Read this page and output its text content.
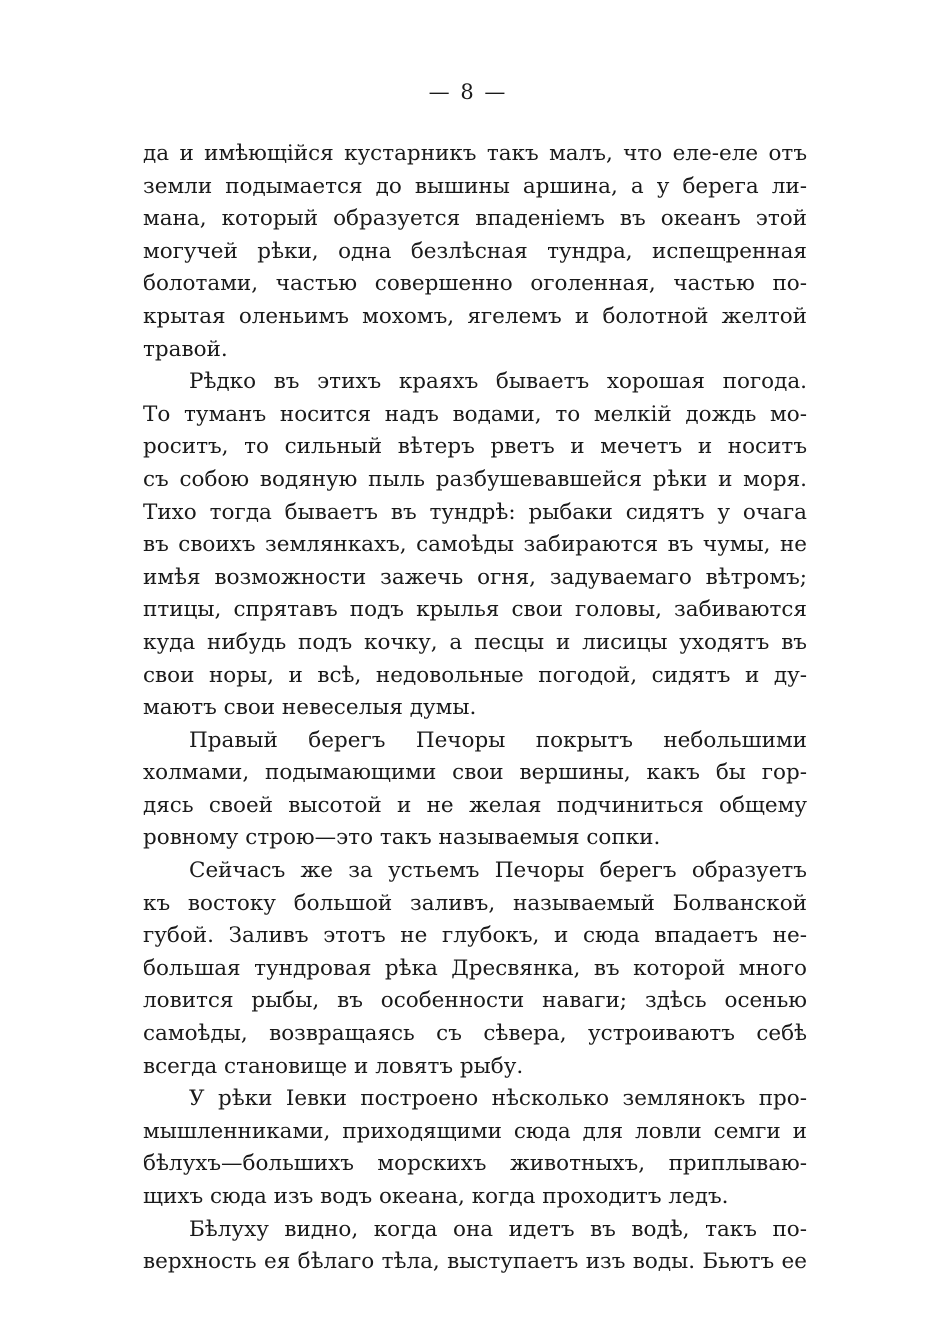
— 8 —
да и имѣющійся кустарникъ такъ малъ, что еле-еле отъ
земли подымается до вышины аршина, а у берега ли-
мана, который образуется впаденіемъ въ океанъ этой
могучей рѣки, одна безлѣсная тундра, испещренная
болотами, частью совершенно оголенная, частью по-
крытая оленьимъ мохомъ, ягелемъ и болотной желтой
травой.
Рѣдко въ этихъ краяхъ бываетъ хорошая погода.
То туманъ носится надъ водами, то мелкій дождь мо-
роситъ, то сильный вѣтеръ рветъ и мечетъ и носитъ
съ собою водяную пыль разбушевавшейся рѣки и моря.
Тихо тогда бываетъ въ тундрѣ: рыбаки сидятъ у очага
въ своихъ землянкахъ, самоѣды забираются въ чумы, не
имѣя возможности зажечь огня, задуваемаго вѣтромъ;
птицы, спрятавъ подъ крылья свои головы, забиваются
куда нибудь подъ кочку, а песцы и лисицы уходятъ въ
свои норы, и всѣ, недовольные погодой, сидятъ и ду-
маютъ свои невеселыя думы.
Правый берегъ Печоры покрытъ небольшими
холмами, подымающими свои вершины, какъ бы гор-
дясь своей высотой и не желая подчиниться общему
ровному строю—это такъ называемыя сопки.
Сейчасъ же за устьемъ Печоры берегъ образуетъ
къ востоку большой заливъ, называемый Болванской
губой. Заливъ этотъ не глубокъ, и сюда впадаетъ не-
большая тундровая рѣка Дресвянка, въ которой много
ловится рыбы, въ особенности наваги; здѣсь осенью
самоѣды, возвращаясь съ сѣвера, устроиваютъ себѣ
всегда становище и ловятъ рыбу.
У рѣки Іевки построено нѣсколько землянокъ про-
мышленниками, приходящими сюда для ловли семги и
бѣлухъ—большихъ морскихъ животныхъ, приплываю-
щихъ сюда изъ водъ океана, когда проходитъ ледъ.
Бѣлуху видно, когда она идетъ въ водѣ, такъ по-
верхность ея бѣлаго тѣла, выступаетъ изъ воды. Бьютъ ее
